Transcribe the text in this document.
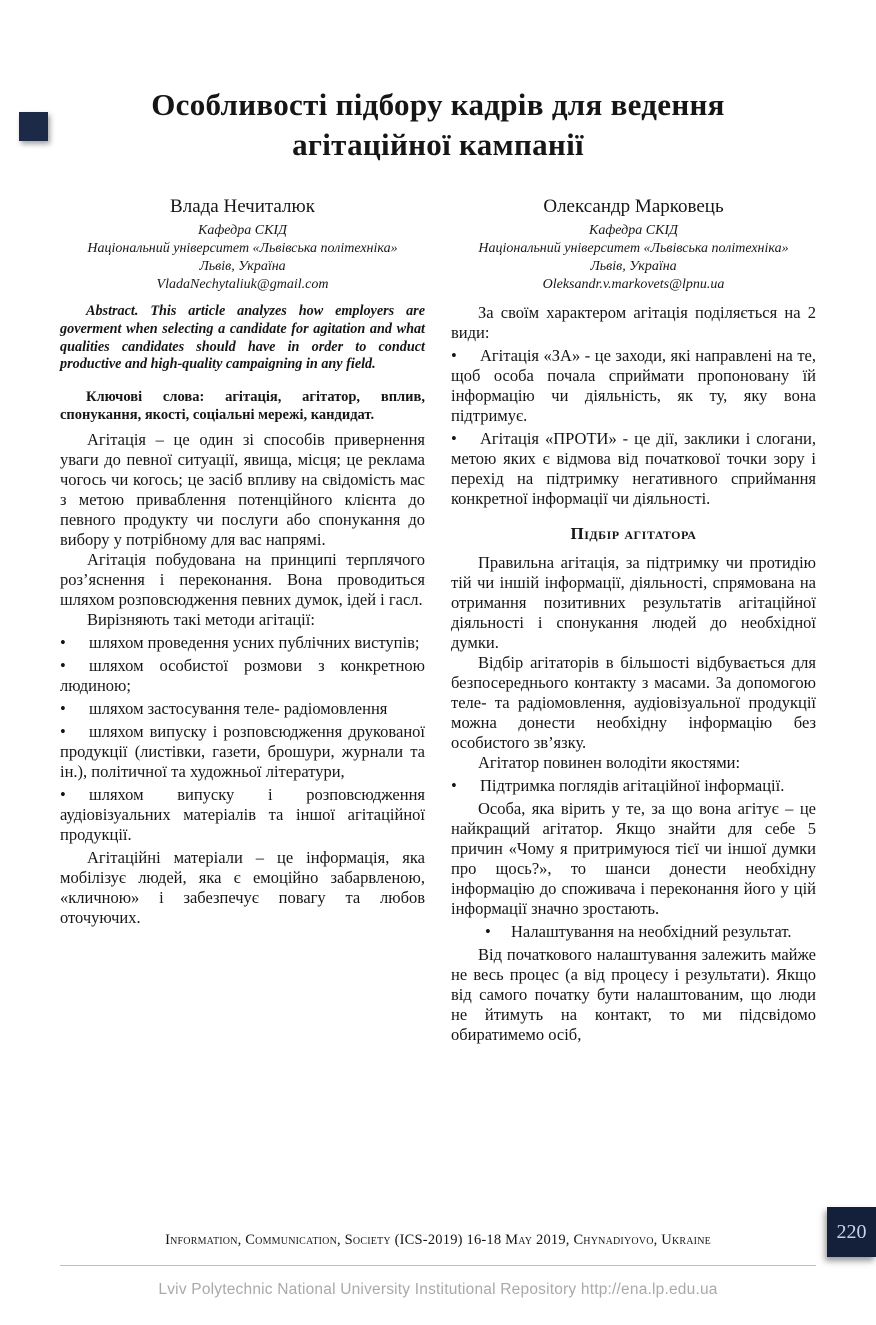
Особливості підбору кадрів для ведення
агітаційної кампанії

Влада Нечиталюк

Кафедра СКІД

Національний університет «Львівська політехніка»

Львів, Україна

VladaNechytaliuk@gmail.com

Abstract. This article analyzes how employers are goverment when selecting a candidate for agitation and what qualities candidates should have in order to conduct productive and high-quality campaigning in any field.

Ключові слова: агітація, агітатор, вплив, спонукання, якості, соціальні мережі, кандидат.

Агітація – це один зі способів привернення уваги до певної ситуації, явища, місця; це реклама чогось чи когось; це засіб впливу на свідомість мас з метою приваблення потенційного клієнта до певного продукту чи послуги або спонукання до вибору у потрібному для вас напрямі.

Агітація побудована на принципі терплячого роз’яснення і переконання. Вона проводиться шляхом розповсюдження певних думок, ідей і гасл.

Вирізняють такі методи агітації:

• шляхом проведення усних публічних виступів;

• шляхом особистої розмови з конкретною людиною;

• шляхом застосування теле- радіомовлення

• шляхом випуску і розповсюдження друкованої продукції (листівки, газети, брошури, журнали та ін.), політичної та художньої літератури,

• шляхом випуску і розповсюдження аудіовізуальних матеріалів та іншої агітаційної продукції.

Агітаційні матеріали – це інформація, яка мобілізує людей, яка є емоційно забарвленою, «кличною» і забезпечує повагу та любов оточуючих.

Олександр Марковець

Кафедра СКІД

Національний університет «Львівська політехніка»

Львів, Україна

Oleksandr.v.markovets@lpnu.ua

За своїм характером агітація поділяється на 2 види:

• Агітація «ЗА» - це заходи, які направлені на те, щоб особа почала сприймати пропоновану їй інформацію чи діяльність, як ту, яку вона підтримує.

• Агітація «ПРОТИ» - це дії, заклики і слогани, метою яких є відмова від початкової точки зору і перехід на підтримку негативного сприймання конкретної інформації чи діяльності.

Підбір агітатора

Правильна агітація, за підтримку чи протидію тій чи іншій інформації, діяльності, спрямована на отримання позитивних результатів агітаційної діяльності і спонукання людей до необхідної думки.

Відбір агітаторів в більшості відбувається для безпосереднього контакту з масами. За допомогою теле- та радіомовлення, аудіовізуальної продукції можна донести необхідну інформацію без особистого зв’язку.

Агітатор повинен володіти якостями:

• Підтримка поглядів агітаційної інформації.

Особа, яка вірить у те, за що вона агітує – це найкращий агітатор. Якщо знайти для себе 5 причин «Чому я притримуюся тієї чи іншої думки про щось?», то шанси донести необхідну інформацію до споживача і переконання його у цій інформації значно зростають.

• Налаштування на необхідний результат.

Від початкового налаштування залежить майже не весь процес (а від процесу і результати). Якщо від самого початку бути налаштованим, що люди не йтимуть на контакт, то ми підсвідомо обиратимемо осіб,

Information, Communication, Society (ICS-2019) 16-18 May 2019, Chynadiyovo, Ukraine
Lviv Polytechnic National University Institutional Repository http://ena.lp.edu.ua
220
